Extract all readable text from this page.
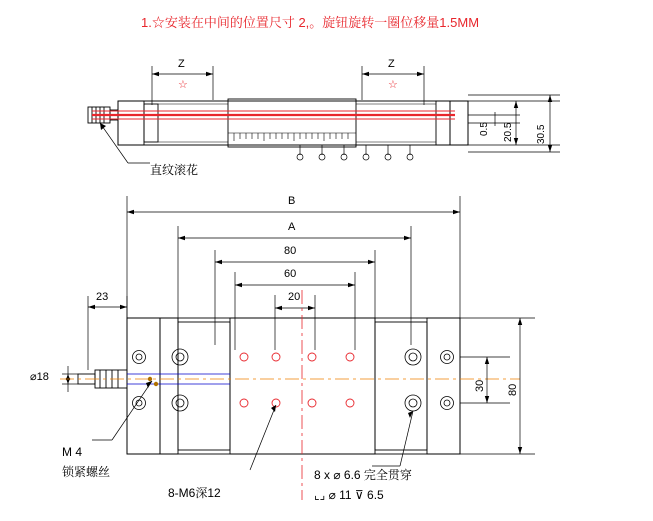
1.☆安装在中间的位置尺寸 2,。旋钮旋转一圈位移量1.5MM
Z
☆
Z
☆
0.5 20.5 30.5
直纹滚花
B
A
80
60
20
23
⌀18
30 80
M 4
锁紧螺丝
8-M6深12
8 x ⌀ 6.6 完全贯穿
⌞⌟ ⌀ 11 ⊽ 6.5
